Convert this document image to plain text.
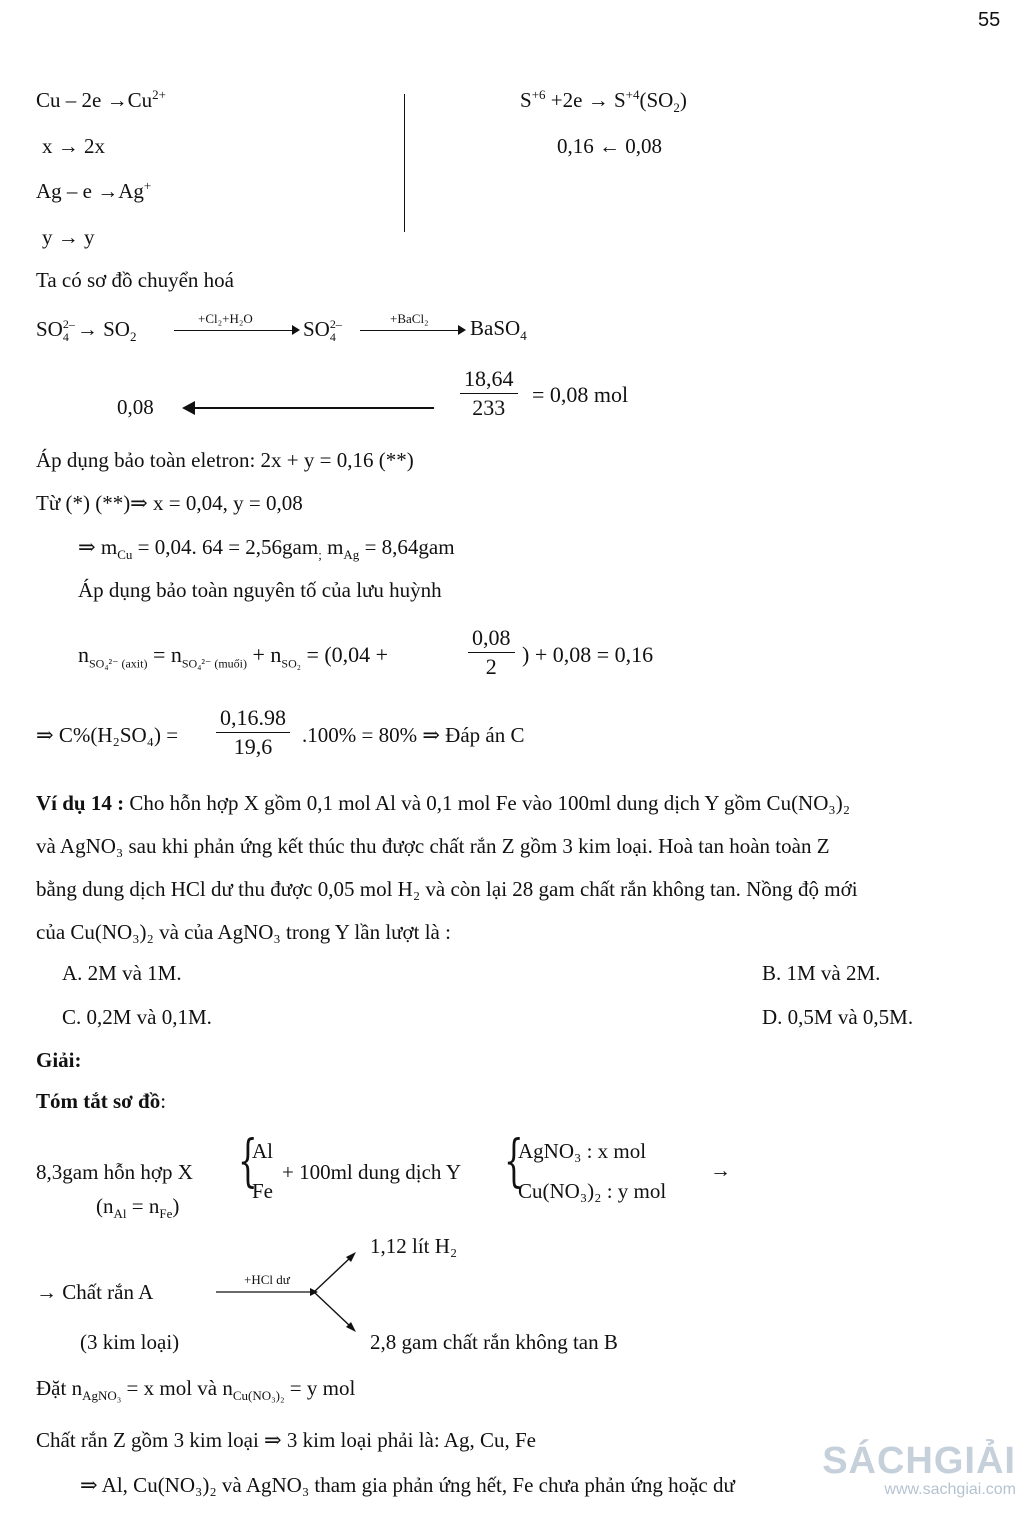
55
$Cu - 2e \to Cu^{2+}$
x → 2x
Ag – e →Ag+
y → y
$S^{+6} +2e \to S^{+4}(SO_2)$
0,16 ← 0,08
Ta có sơ đồ chuyển hoá
SO 2–
$4 \to SO_2$
+Cl₂+H₂O SO 2–
4
+BaCl₂ BaSO$_4$
0,08
18,64
233
= 0,08 mol
Áp dụng bảo toàn eletron: 2x + y = 0,16 (**)
Từ (*) (**)⇒ x = 0,04, y = 0,08
⇒ $m_{Cu} = 0,04$. 64 = 2,56gam$_;$ $m_{Ag} = 8,64gam$
Áp dụng bảo toàn nguyên tố của lưu huỳnh
$n_{SO_4^{2-} (axit)} = n_{SO_4^{2-} (muối)} + n_{SO_2} = (0,04$ +
0,08
2	) + 0,08 = 0,16
⇒ C%(H₂SO₄) =
0,16.98
19,6	.100% = 80% ⇒ Đáp án C
Ví dụ 14 : Cho hỗn hợp X gồm 0,1 mol Al và 0,1 mol Fe vào 100ml dung dịch Y gồm Cu(NO₃)₂
và AgNO₃ sau khi phản ứng kết thúc thu được chất rắn Z gồm 3 kim loại. Hoà tan hoàn toàn Z
bằng dung dịch HCl dư thu được 0,05 mol H₂ và còn lại 28 gam chất rắn không tan. Nồng độ mới
của Cu(NO₃)₂ và của AgNO₃ trong Y lần lượt là :
A. 2M và 1M.	B. 1M và 2M.
C. 0,2M và 0,1M.	D. 0,5M và 0,5M.
Giải:
Tóm tắt sơ đồ:
8,3gam hỗn hợp X
$(n_{Al} = n_{Fe})$
{
Al
Fe
+ 100ml dung dịch Y {
AgNO₃ : x mol
Cu(NO₃)₂ : y mol
→
→ Chất rắn A
(3 kim loại)
+HCl dư
1,12 lít H₂
2,8 gam chất rắn không tan B
Đặt $n_{AgNO_3} = x$ mol và $n_{Cu(NO_3)_2} = y$ mol
Chất rắn Z gồm 3 kim loại ⇒ 3 kim loại phải là: Ag, Cu, Fe
⇒ Al, Cu(NO₃)₂ và AgNO₃ tham gia phản ứng hết, Fe chưa phản ứng hoặc dư
SÁCHGIẢI
www.sachgiai.com
